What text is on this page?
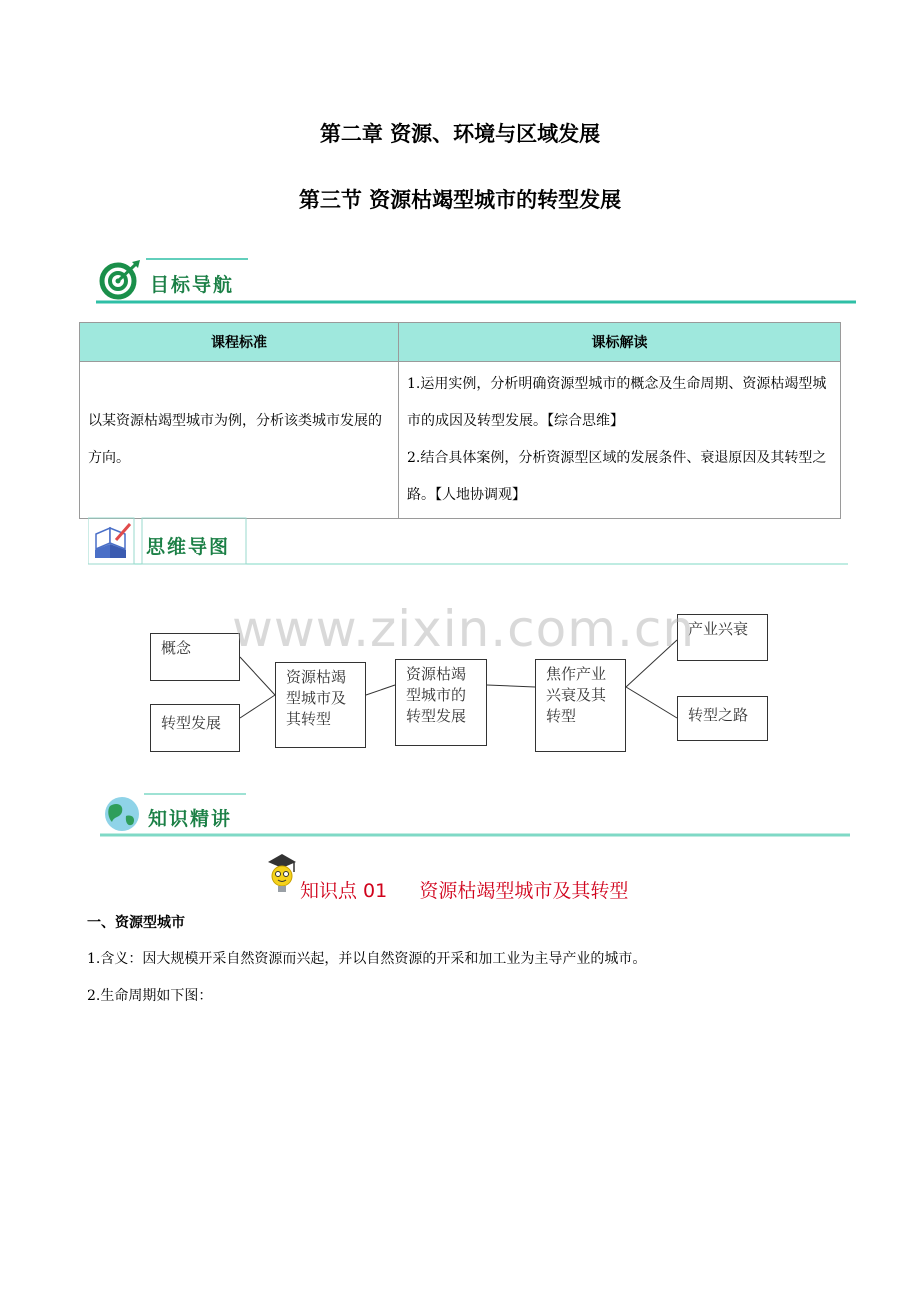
第二章 资源、环境与区域发展
第三节 资源枯竭型城市的转型发展
目标导航
课程标准	课标解读
以某资源枯竭型城市为例，分析该类城市发展的方向。	1.运用实例，分析明确资源型城市的概念及生命周期、资源枯竭型城市的成因及转型发展。【综合思维】
2.结合具体案例，分析资源型区域的发展条件、衰退原因及其转型之路。【人地协调观】
思维导图
概念
转型发展
资源枯竭型城市及其转型
资源枯竭型城市的转型发展
焦作产业兴衰及其转型
产业兴衰
转型之路
www.zixin.com.cn
知识精讲
知识点 01 资源枯竭型城市及其转型
一、资源型城市
1.含义：因大规模开采自然资源而兴起，并以自然资源的开采和加工业为主导产业的城市。
2.生命周期如下图：
